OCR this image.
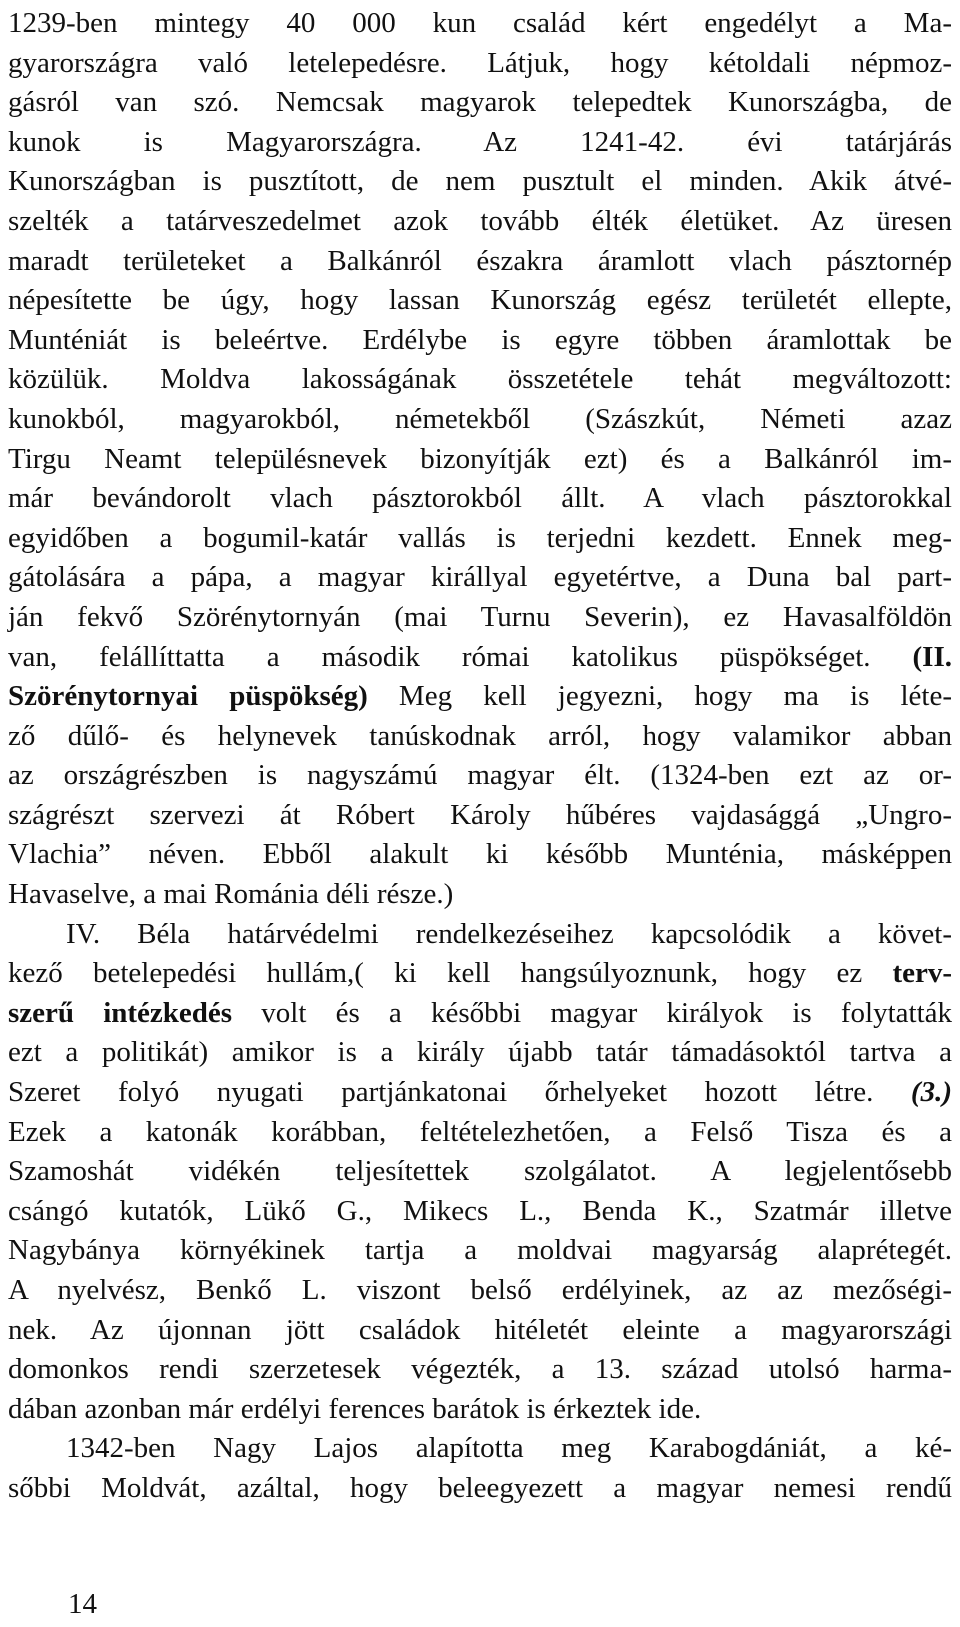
1239-ben mintegy 40 000 kun család kért engedélyt a Ma-
gyarországra való letelepedésre. Látjuk, hogy kétoldali népmoz-
gásról van szó. Nemcsak magyarok telepedtek Kunországba, de
kunok is Magyarországra. Az 1241-42. évi tatárjárás
Kunországban is pusztított, de nem pusztult el minden. Akik átvé-
szelték a tatárveszedelmet azok tovább élték életüket. Az üresen
maradt területeket a Balkánról északra áramlott vlach pásztornép
népesítette be úgy, hogy lassan Kunország egész területét ellepte,
Munténiát is beleértve. Erdélybe is egyre többen áramlottak be
közülük. Moldva lakosságának összetétele tehát megváltozott:
kunokból, magyarokból, németekből (Szászkút, Németi azaz
Tirgu Neamt településnevek bizonyítják ezt) és a Balkánról im-
már bevándorolt vlach pásztorokból állt. A vlach pásztorokkal
egyidőben a bogumil-katár vallás is terjedni kezdett. Ennek meg-
gátolására a pápa, a magyar királlyal egyetértve, a Duna bal part-
ján fekvő Szörénytornyán (mai Turnu Severin), ez Havasalföldön
van, felállíttatta a második római katolikus püspökséget. (II.
Szörénytornyai püspökség) Meg kell jegyezni, hogy ma is léte-
ző dűlő- és helynevek tanúskodnak arról, hogy valamikor abban
az országrészben is nagyszámú magyar élt. (1324-ben ezt az or-
szágrészt szervezi át Róbert Károly hűbéres vajdasággá „Ungro-
Vlachia” néven. Ebből alakult ki később Munténia, másképpen
Havaselve, a mai Románia déli része.)
IV. Béla határvédelmi rendelkezéseihez kapcsolódik a követ-
kező betelepedési hullám,( ki kell hangsúlyoznunk, hogy ez terv-
szerű intézkedés volt és a későbbi magyar királyok is folytatták
ezt a politikát) amikor is a király újabb tatár támadásoktól tartva a
Szeret folyó nyugati partjánkatonai őrhelyeket hozott létre. (3.)
Ezek a katonák korábban, feltételezhetően, a Felső Tisza és a
Szamoshát vidékén teljesítettek szolgálatot. A legjelentősebb
csángó kutatók, Lükő G., Mikecs L., Benda K., Szatmár illetve
Nagybánya környékinek tartja a moldvai magyarság alaprétegét.
A nyelvész, Benkő L. viszont belső erdélyinek, az az mezőségi-
nek. Az újonnan jött családok hitéletét eleinte a magyarországi
domonkos rendi szerzetesek végezték, a 13. század utolsó harma-
dában azonban már erdélyi ferences barátok is érkeztek ide.
1342-ben Nagy Lajos alapította meg Karabogdániát, a ké-
sőbbi Moldvát, azáltal, hogy beleegyezett a magyar nemesi rendű
14
